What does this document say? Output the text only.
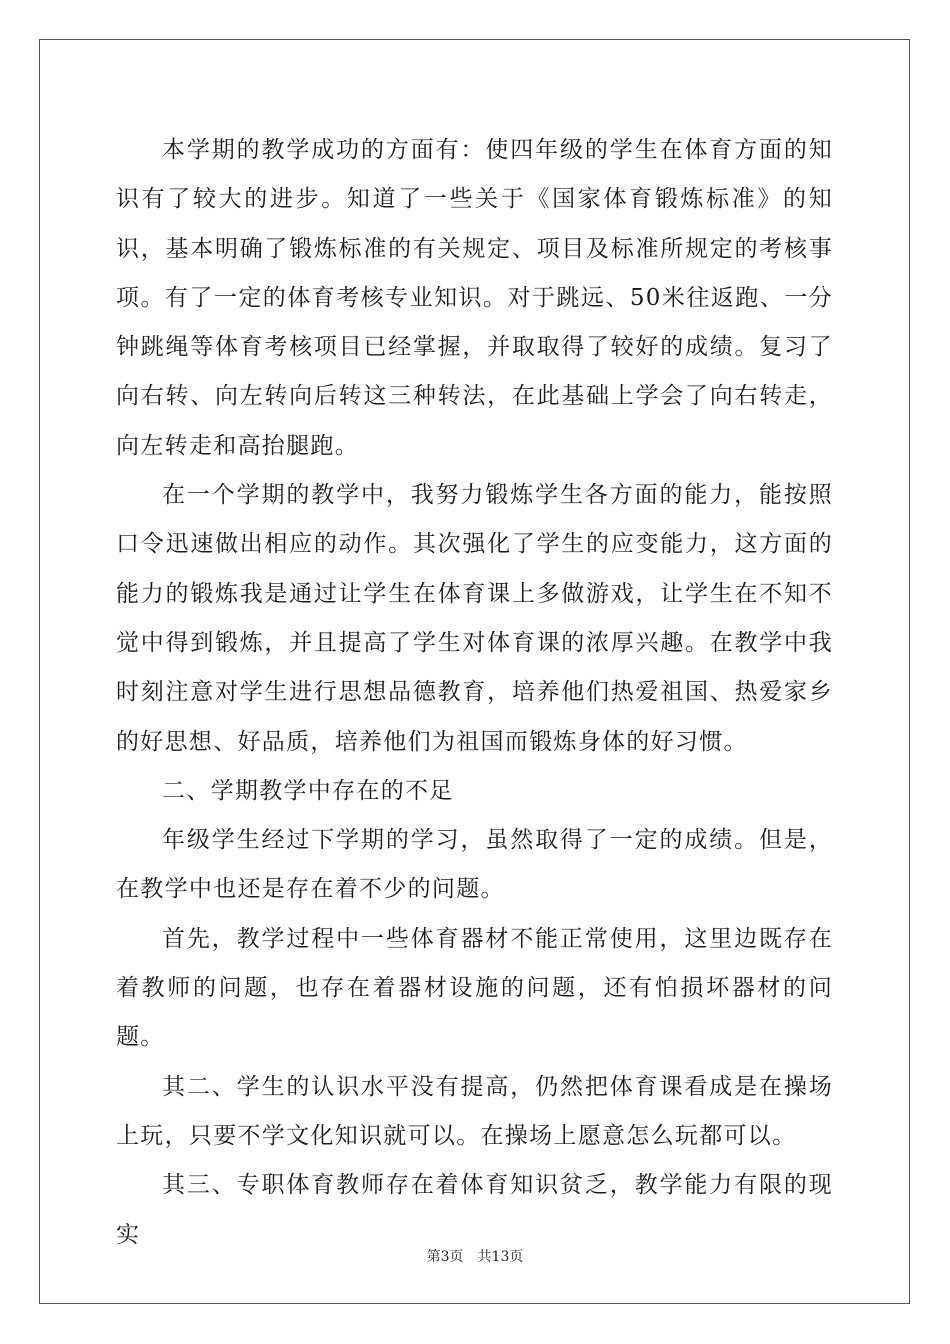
本学期的教学成功的方面有：使四年级的学生在体育方面的知识有了较大的进步。知道了一些关于《国家体育锻炼标准》的知识，基本明确了锻炼标准的有关规定、项目及标准所规定的考核事项。有了一定的体育考核专业知识。对于跳远、50米往返跑、一分钟跳绳等体育考核项目已经掌握，并取取得了较好的成绩。复习了向右转、向左转向后转这三种转法，在此基础上学会了向右转走，向左转走和高抬腿跑。

在一个学期的教学中，我努力锻炼学生各方面的能力，能按照口令迅速做出相应的动作。其次强化了学生的应变能力，这方面的能力的锻炼我是通过让学生在体育课上多做游戏，让学生在不知不觉中得到锻炼，并且提高了学生对体育课的浓厚兴趣。在教学中我时刻注意对学生进行思想品德教育，培养他们热爱祖国、热爱家乡的好思想、好品质，培养他们为祖国而锻炼身体的好习惯。

二、学期教学中存在的不足

年级学生经过下学期的学习，虽然取得了一定的成绩。但是，在教学中也还是存在着不少的问题。

首先，教学过程中一些体育器材不能正常使用，这里边既存在着教师的问题，也存在着器材设施的问题，还有怕损坏器材的问题。

其二、学生的认识水平没有提高，仍然把体育课看成是在操场上玩，只要不学文化知识就可以。在操场上愿意怎么玩都可以。

其三、专职体育教师存在着体育知识贫乏，教学能力有限的现实

第3页 共13页
